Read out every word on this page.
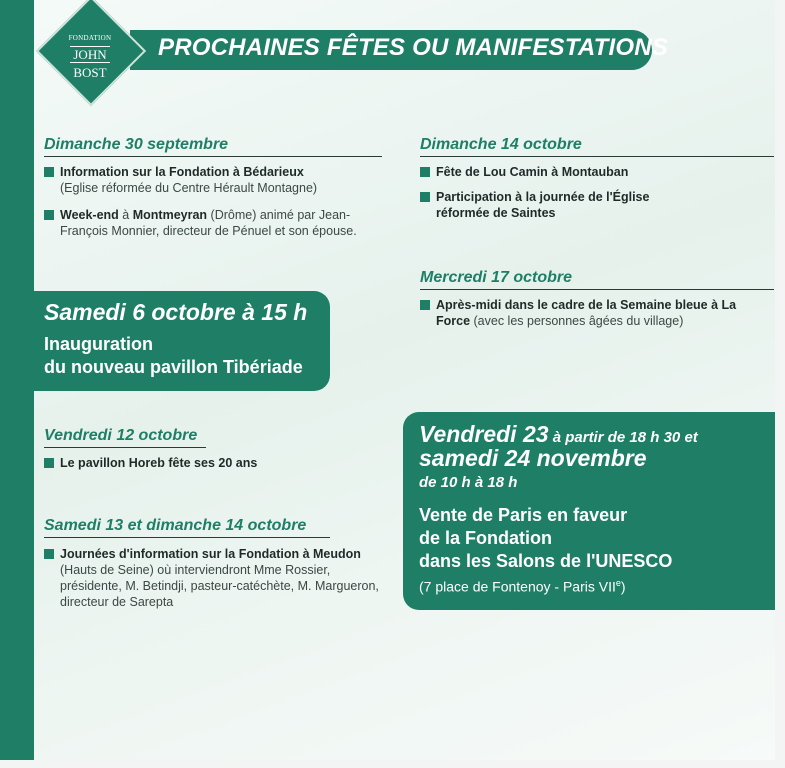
FONDATION
JOHN
BOST
PROCHAINES FÊTES OU MANIFESTATIONS
Dimanche 30 septembre
Information sur la Fondation à Bédarieux
(Eglise réformée du Centre Hérault Montagne)
Week-end à Montmeyran (Drôme) animé par Jean-François Monnier, directeur de Pénuel et son épouse.
Samedi 6 octobre à 15 h
Inauguration
du nouveau pavillon Tibériade
Vendredi 12 octobre
Le pavillon Horeb fête ses 20 ans
Samedi 13 et dimanche 14 octobre
Journées d'information sur la Fondation à Meudon
(Hauts de Seine) où interviendront Mme Rossier, présidente, M. Betindji, pasteur-catéchète, M. Margueron, directeur de Sarepta
Dimanche 14 octobre
Fête de Lou Camin à Montauban
Participation à la journée de l'Église réformée de Saintes
Mercredi 17 octobre
Après-midi dans le cadre de la Semaine bleue à La Force (avec les personnes âgées du village)
Vendredi 23 à partir de 18 h 30 et
samedi 24 novembre
de 10 h à 18 h
Vente de Paris en faveur
de la Fondation
dans les Salons de l'UNESCO
(7 place de Fontenoy - Paris VIIe)
